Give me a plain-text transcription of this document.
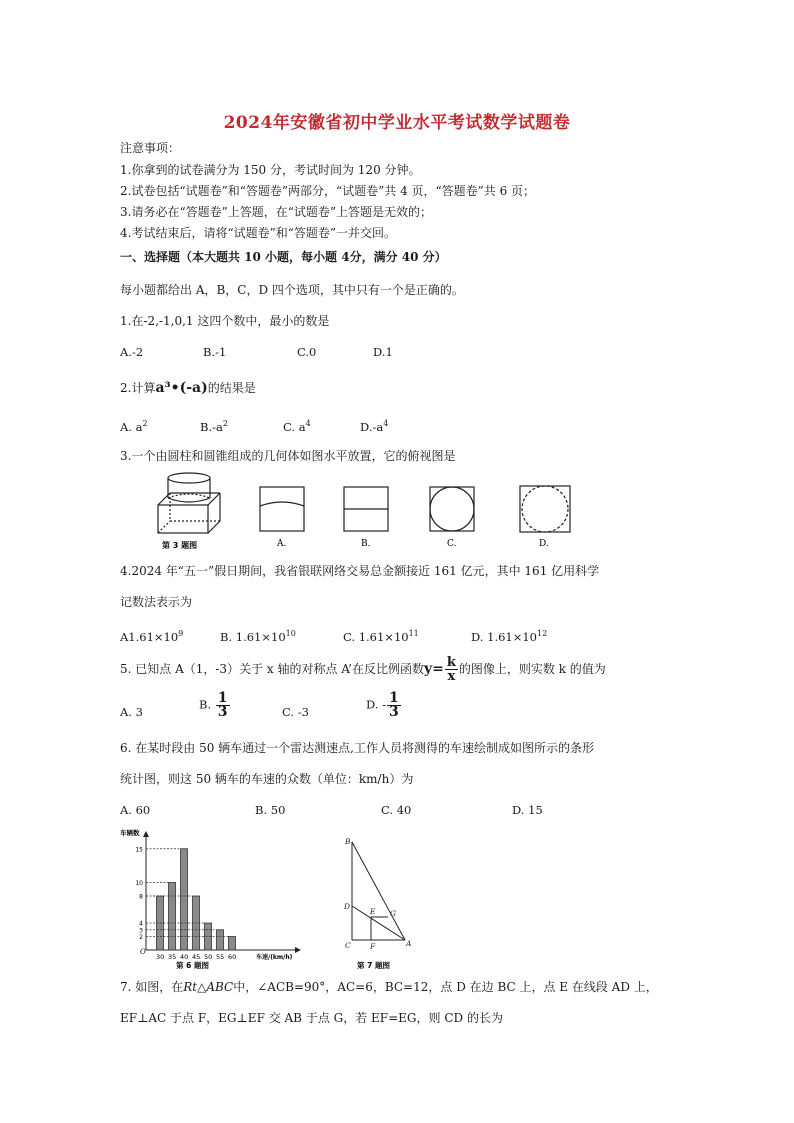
2024年安徽省初中学业水平考试数学试题卷
注意事项：
1.你拿到的试卷满分为 150 分，考试时间为 120 分钟。
2.试卷包括“试题卷”和“答题卷”两部分，“试题卷”共 4 页，“答题卷”共 6 页；
3.请务必在“答题卷”上答题，在“试题卷”上答题是无效的；
4.考试结束后，请将“试题卷”和“答题卷”一并交回。
一、选择题（本大题共 10 小题，每小题 4分，满分 40 分）
每小题都给出 A，B，C，D 四个选项，其中只有一个是正确的。
1.在-2,-1,0,1 这四个数中，最小的数是
A.-2	B.-1	C.0	D.1
2.计算a³•(-a)的结果是
A. $a^2$	$B.-a^2$	C. $a^4$	$D.-a^4$
3.一个由圆柱和圆锥组成的几何体如图水平放置，它的俯视图是
第 3 题图	A.	B.	C.	D.
4.2024 年“五一”假日期间，我省银联网络交易总金额接近 161 亿元，其中 161 亿用科学
记数法表示为
$A1.61\times 10^9$	B. $1.61\times 10^{10}$	C. $1.61\times 10^{11}$	D. $1.61\times 10^{12}$
5. 已知点 A（1，-3）关于 x 轴的对称点 A’在反比例函数$y= \frac{k}{x}$ 的图像上，则实数 k 的值为
A. 3
B. $\frac{1}{3}$	C. -3
D. - $\frac{1}{3}$
6. 在某时段由 50 辆车通过一个雷达测速点,工作人员将测得的车速绘制成如图所示的条形
统计图，则这 50 辆车的车速的众数（单位：km/h）为
A. 60	B. 50	C. 40	D. 15
车辆数
车速/(km/h)
O
30 35 40 45 50 55 60
2
3
4
8
10
15
第 6 题图
B
D
E G
C	F	A
第 7 题图
7. 如图，在Rt△ABC中，∠ACB=90°，AC=6，BC=12，点 D 在边 BC 上，点 E 在线段 AD 上，
EF⊥AC 于点 F，EG⊥EF 交 AB 于点 G，若 EF=EG，则 CD 的长为
